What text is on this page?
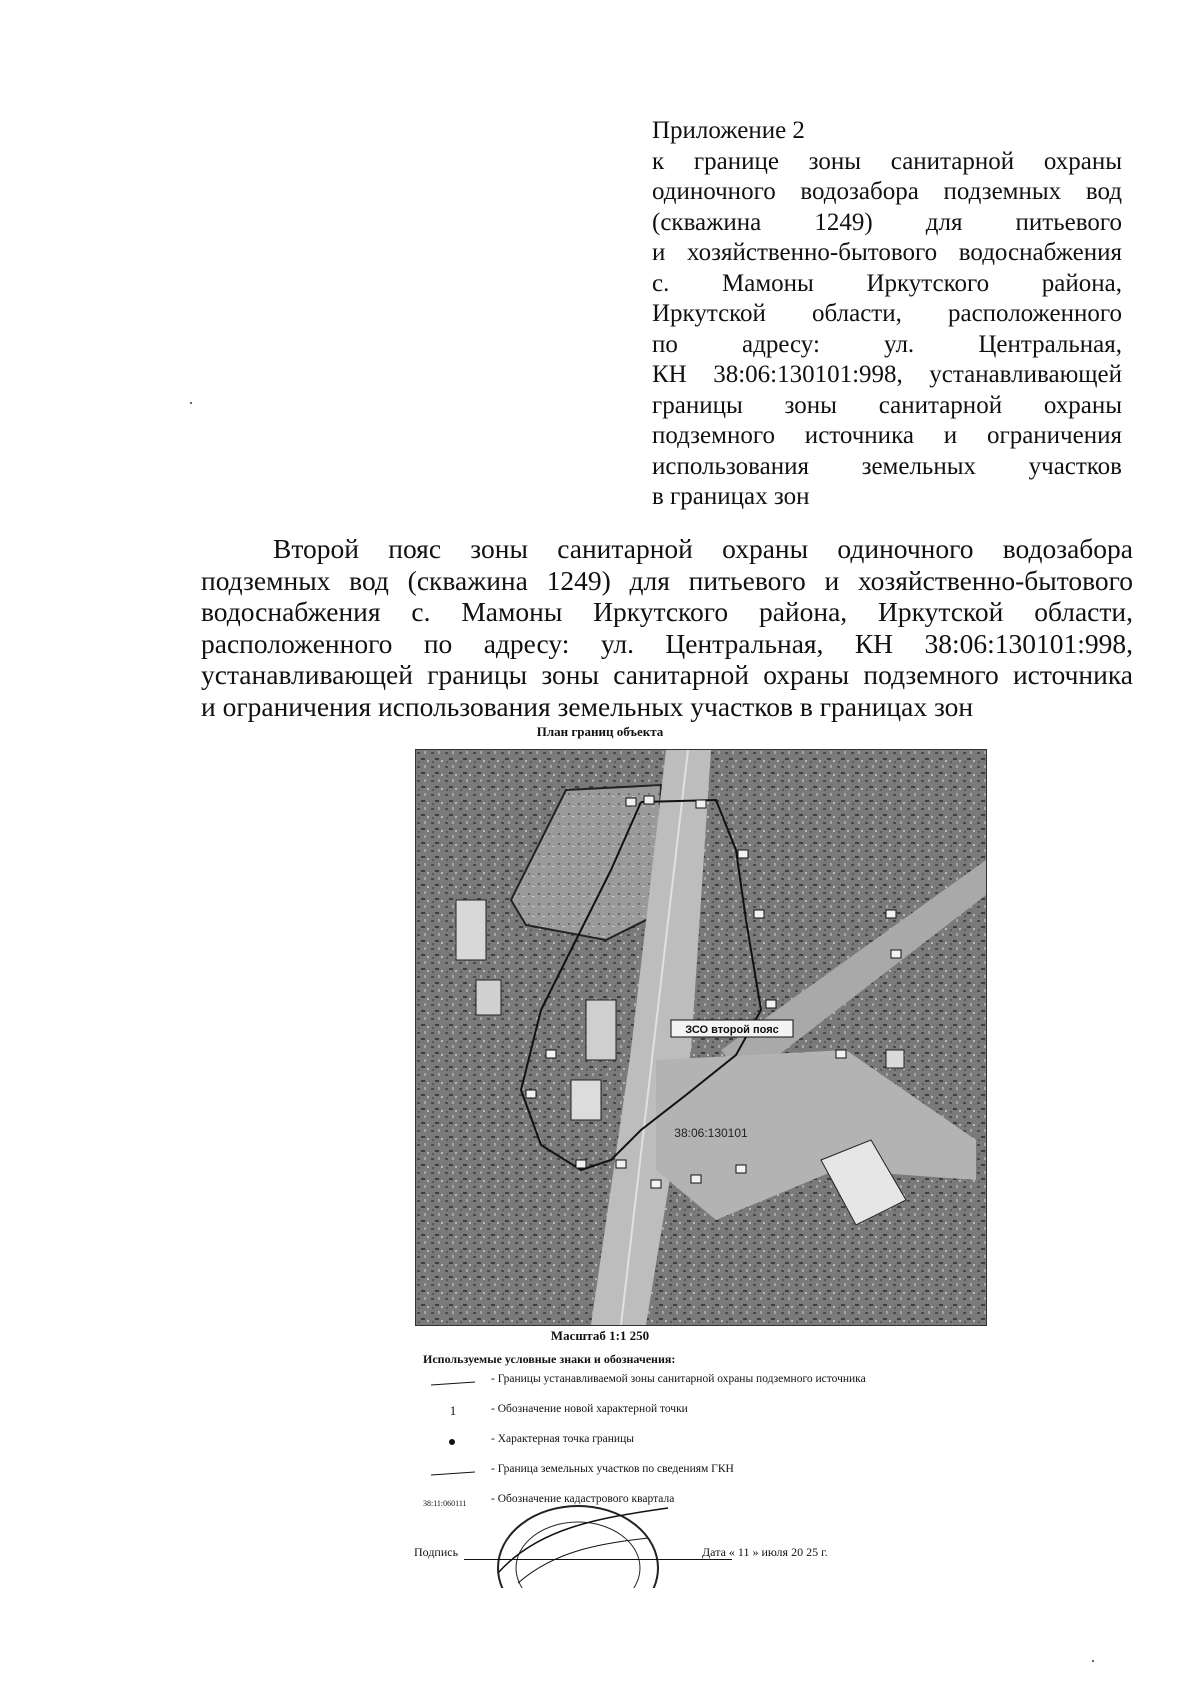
Приложение 2
к границе зоны санитарной охраны
одиночного водозабора подземных вод
(скважина 1249) для питьевого
и хозяйственно-бытового водоснабжения
с. Мамоны Иркутского района,
Иркутской области, расположенного
по адресу: ул. Центральная,
КН 38:06:130101:998, устанавливающей
границы зоны санитарной охраны
подземного источника и ограничения
использования земельных участков
в границах зон
Второй пояс зоны санитарной охраны одиночного водозабора
подземных вод (скважина 1249) для питьевого и хозяйственно-бытового
водоснабжения с. Мамоны Иркутского района, Иркутской области,
расположенного по адресу: ул. Центральная, КН 38:06:130101:998,
устанавливающей границы зоны санитарной охраны подземного источника
и ограничения использования земельных участков в границах зон
План границ объекта
ЗСО второй пояс
38:06:130101
Масштаб 1:1 250
Используемые условные знаки и обозначения:
- Границы устанавливаемой зоны санитарной охраны подземного источника
1	- Обозначение новой характерной точки
- Характерная точка границы
- Граница земельных участков по сведениям ГКН
38:11:060111 - Обозначение кадастрового квартала
Подпись	Дата « 11 » июля 20 25 г.
